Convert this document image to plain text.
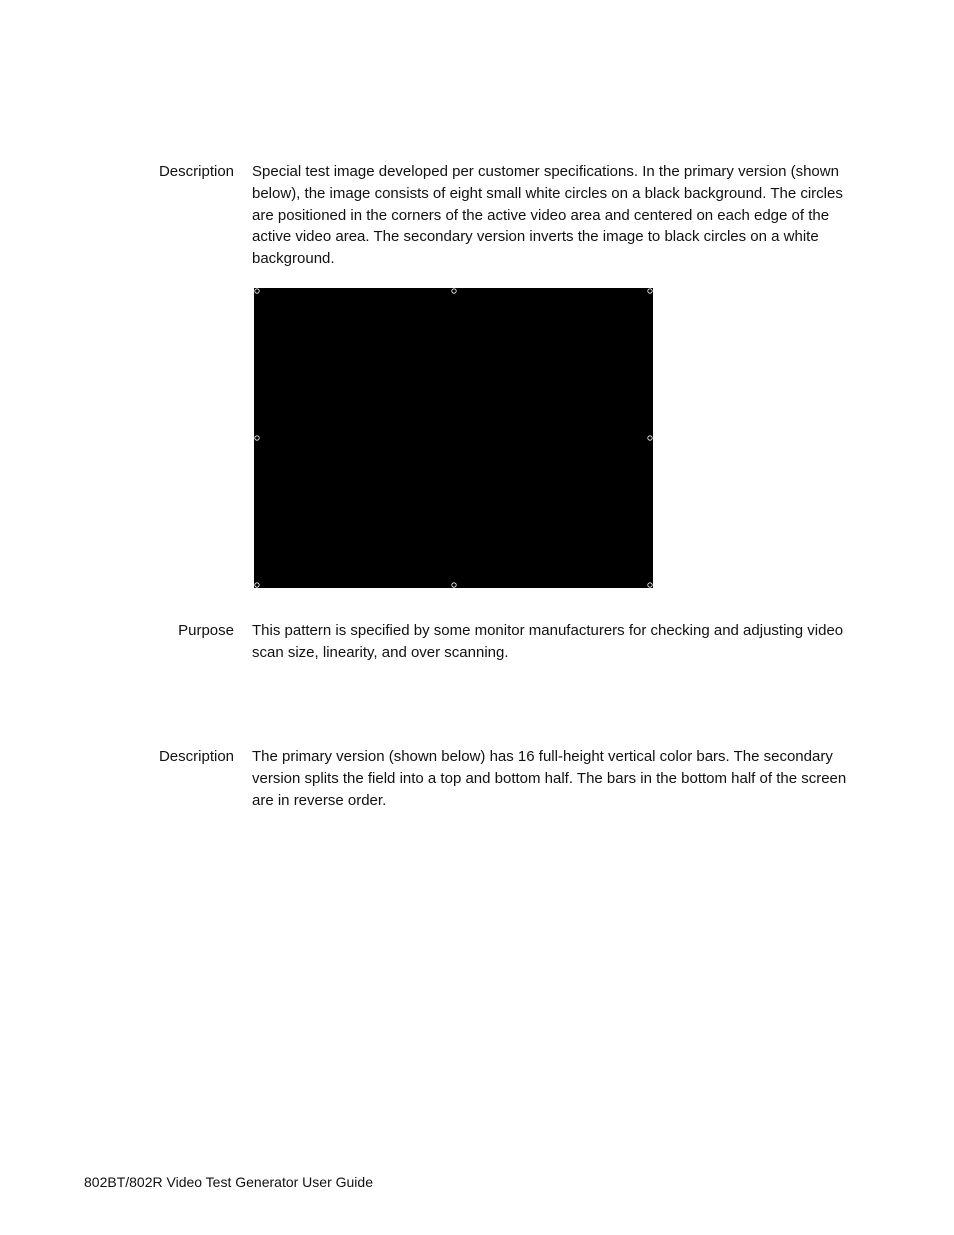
Description Special test image developed per customer specifications. In the primary version (shown
below), the image consists of eight small white circles on a black background. The circles
are positioned in the corners of the active video area and centered on each edge of the
active video area. The secondary version inverts the image to black circles on a white
background.
Purpose This pattern is specified by some monitor manufacturers for checking and adjusting video
scan size, linearity, and over scanning.
Description The primary version (shown below) has 16 full-height vertical color bars. The secondary
version splits the field into a top and bottom half. The bars in the bottom half of the screen
are in reverse order.
802BT/802R Video Test Generator User Guide
